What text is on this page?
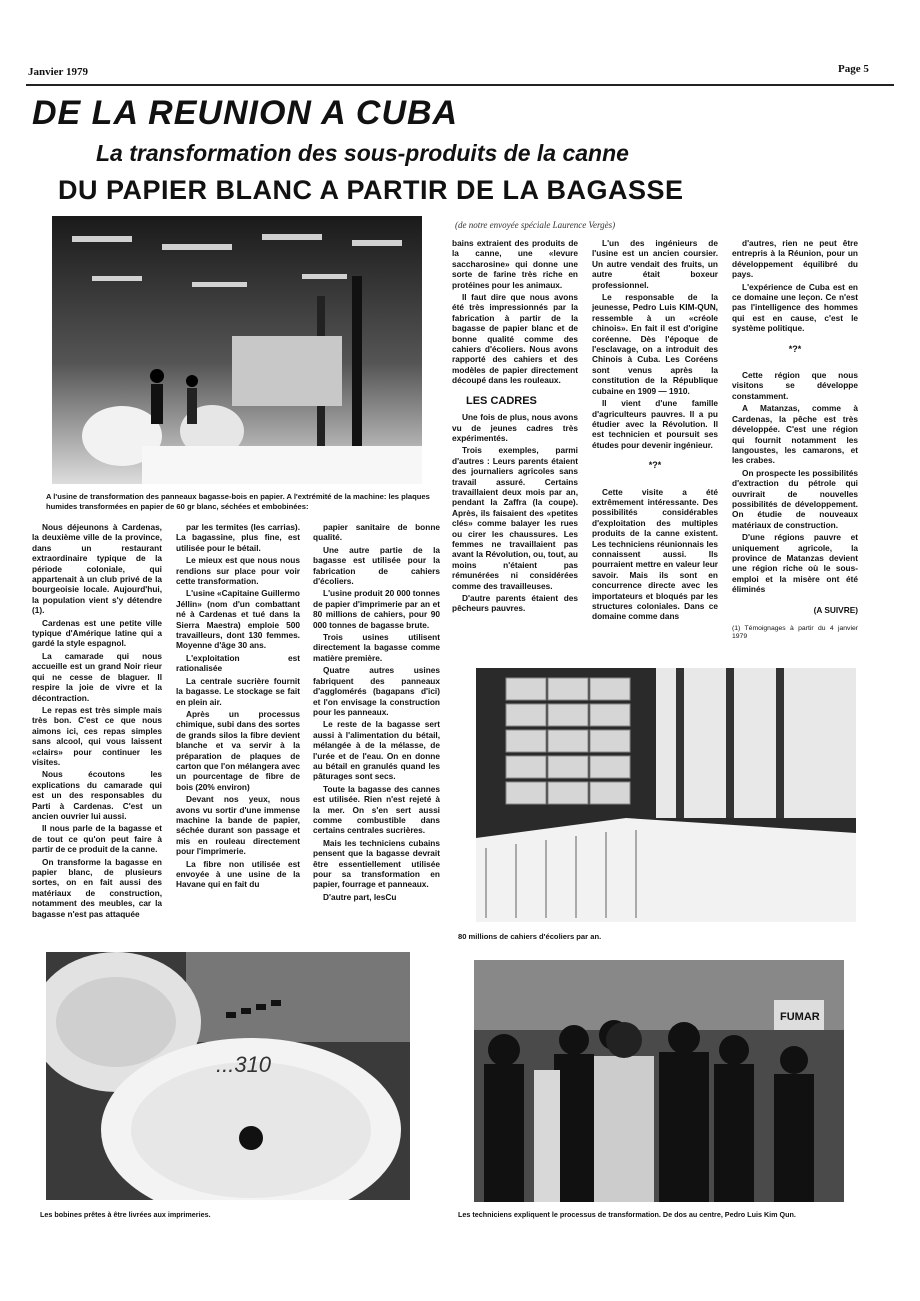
Janvier 1979	Page 5
DE LA REUNION A CUBA
La transformation des sous-produits de la canne
DU PAPIER BLANC A PARTIR DE LA BAGASSE
(de notre envoyée spéciale Laurence Vergès)
A l'usine de transformation des panneaux bagasse-bois en papier. A l'extrémité de la machine: les plaques humides transformées en papier de 60 gr blanc, séchées et embobinées:

Nous déjeunons à Cardenas, la deuxième ville de la province, dans un restaurant extraordinaire typique de la période coloniale, qui appartenait à un club privé de la bourgeoisie locale. Aujourd'hui, la population vient s'y détendre (1).

Cardenas est une petite ville typique d'Amérique latine qui a gardé la style espagnol.

La camarade qui nous accueille est un grand Noir rieur qui ne cesse de blaguer. Il respire la joie de vivre et la décontraction.

Le repas est très simple mais très bon. C'est ce que nous aimons ici, ces repas simples sans alcool, qui vous laissent «clairs» pour continuer les visites.

Nous écoutons les explications du camarade qui est un des responsables du Parti à Cardenas. C'est un ancien ouvrier lui aussi.

Il nous parle de la bagasse et de tout ce qu'on peut faire à partir de ce produit de la canne.

On transforme la bagasse en papier blanc, de plusieurs sortes, on en fait aussi des matériaux de construction, notamment des meubles, car la bagasse n'est pas attaquée

par les termites (les carrias). La bagassine, plus fine, est utilisée pour le bétail.

Le mieux est que nous nous rendions sur place pour voir cette transformation.

L'usine «Capitaine Guillermo Jéllin» (nom d'un combattant né à Cardenas et tué dans la Sierra Maestra) emploie 500 travailleurs, dont 130 femmes. Moyenne d'âge 30 ans.

L'exploitation est rationalisée

La centrale sucrière fournit la bagasse. Le stockage se fait en plein air.

Après un processus chimique, subi dans des sortes de grands silos la fibre devient blanche et va servir à la préparation de plaques de carton que l'on mélangera avec un pourcentage de fibre de bois (20% environ)

Devant nos yeux, nous avons vu sortir d'une immense machine la bande de papier, séchée durant son passage et mis en rouleau directement pour l'imprimerie.

La fibre non utilisée est envoyée à une usine de la Havane qui en fait du

papier sanitaire de bonne qualité.

Une autre partie de la bagasse est utilisée pour la fabrication de cahiers d'écoliers.

L'usine produit 20 000 tonnes de papier d'imprimerie par an et 80 millions de cahiers, pour 90 000 tonnes de bagasse brute.

Trois usines utilisent directement la bagasse comme matière première.

Quatre autres usines fabriquent des panneaux d'agglomérés (bagapans d'ici) et l'on envisage la construction pour les panneaux.

Le reste de la bagasse sert aussi à l'alimentation du bétail, mélangée à de la mélasse, de l'urée et de l'eau. On en donne au bétail en granulés quand les pâturages sont secs.

Toute la bagasse des cannes est utilisée. Rien n'est rejeté à la mer. On s'en sert aussi comme combustible dans certains centrales sucrières.

Mais les techniciens cubains pensent que la bagasse devrait être essentiellement utilisée pour sa transformation en papier, fourrage et panneaux.

D'autre part, lesCu

bains extraient des produits de la canne, une «levure saccharosine» qui donne une sorte de farine très riche en protéines pour les animaux.

Il faut dire que nous avons été très impressionnés par la fabrication à partir de la bagasse de papier blanc et de bonne qualité comme des cahiers d'écoliers. Nous avons rapporté des cahiers et des modèles de papier directement découpé dans les rouleaux.

LES CADRES

Une fois de plus, nous avons vu de jeunes cadres très expérimentés.

Trois exemples, parmi d'autres : Leurs parents étaient des journaliers agricoles sans travail assuré. Certains travaillaient deux mois par an, pendant la Zaffra (la coupe). Après, ils faisaient des «petites clés» comme balayer les rues ou cirer les chaussures. Les femmes ne travaillaient pas avant la Révolution, ou, tout, au moins n'étaient pas rémunérées ni considérées comme des travailleuses.

D'autre parents étaient des pêcheurs pauvres.

L'un des ingénieurs de l'usine est un ancien coursier. Un autre vendait des fruits, un autre était boxeur professionnel.

Le responsable de la jeunesse, Pedro Luis KIM-QUN, ressemble à un «créole chinois». En fait il est d'origine coréenne. Dès l'époque de l'esclavage, on a introduit des Chinois à Cuba. Les Coréens sont venus après la constitution de la République cubaine en 1909 — 1910.

Il vient d'une famille d'agriculteurs pauvres. Il a pu étudier avec la Révolution. Il est technicien et poursuit ses études pour devenir ingénieur.

*?*

Cette visite a été extrêmement intéressante. Des possibilités considérables d'exploitation des multiples produits de la canne existent. Les techniciens réunionnais les connaissent aussi. Ils pourraient mettre en valeur leur savoir. Mais ils sont en concurrence directe avec les importateurs et bloqués par les structures coloniales. Dans ce domaine comme dans

d'autres, rien ne peut être entrepris à la Réunion, pour un développement équilibré du pays.

L'expérience de Cuba est en ce domaine une leçon. Ce n'est pas l'intelligence des hommes qui est en cause, c'est le système politique.

*?*

Cette région que nous visitons se développe constamment.

A Matanzas, comme à Cardenas, la pêche est très développée. C'est une région qui fournit notamment les langoustes, les camarons, et les crabes.

On prospecte les possibilités d'extraction du pétrole qui ouvrirait de nouvelles possibilités de développement. On étudie de nouveaux matériaux de construction.

D'une régions pauvre et uniquement agricole, la province de Matanzas devient une région riche où le sous-emploi et la misère ont été éliminés

(A SUIVRE)

(1) Témoignages à partir du 4 janvier 1979

80 millions de cahiers d'écoliers par an.
...310
Les bobines prêtes à être livrées aux imprimeries.
FUMAR
Les techniciens expliquent le processus de transformation. De dos au centre, Pedro Luis Kim Qun.
